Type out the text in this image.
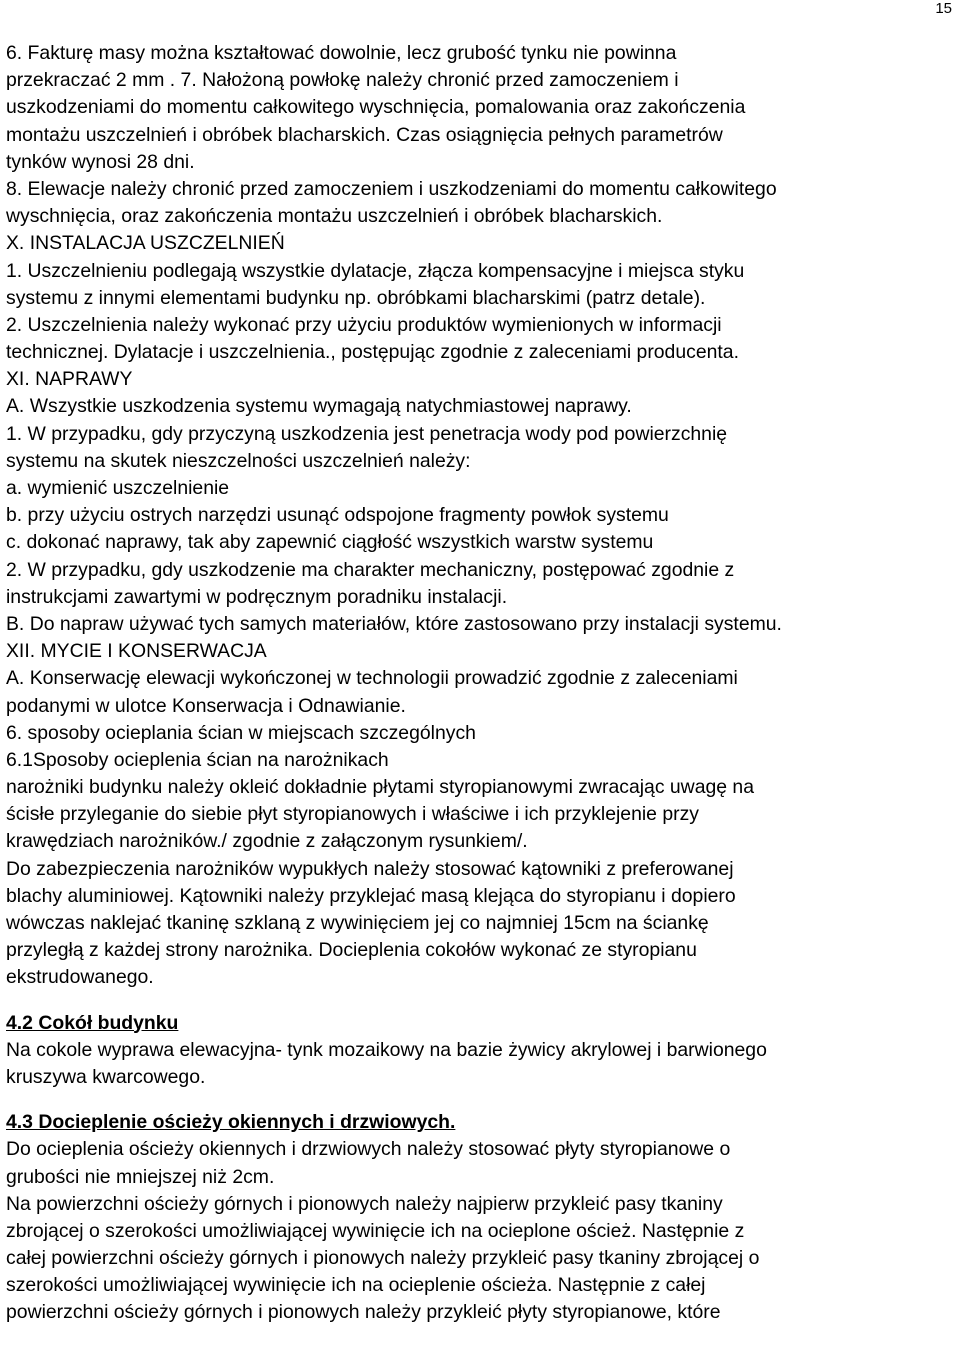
15
6. Fakturę masy można kształtować dowolnie, lecz grubość tynku nie powinna
przekraczać 2 mm . 7. Nałożoną powłokę należy chronić przed zamoczeniem i
uszkodzeniami do momentu całkowitego wyschnięcia, pomalowania oraz zakończenia
montażu uszczelnień i obróbek blacharskich. Czas osiągnięcia pełnych parametrów
tynków wynosi 28 dni.
8. Elewacje należy chronić przed zamoczeniem i uszkodzeniami do momentu całkowitego
wyschnięcia, oraz zakończenia montażu uszczelnień i obróbek blacharskich.
X. INSTALACJA USZCZELNIEŃ
1. Uszczelnieniu podlegają wszystkie dylatacje, złącza kompensacyjne i miejsca styku
systemu z innymi elementami budynku np. obróbkami blacharskimi (patrz detale).
2. Uszczelnienia należy wykonać przy użyciu produktów wymienionych w informacji
technicznej. Dylatacje i uszczelnienia., postępując zgodnie z zaleceniami producenta.
XI. NAPRAWY
A. Wszystkie uszkodzenia systemu wymagają natychmiastowej naprawy.
1. W przypadku, gdy przyczyną uszkodzenia jest penetracja wody pod powierzchnię
systemu na skutek nieszczelności uszczelnień należy:
a. wymienić uszczelnienie
b. przy użyciu ostrych narzędzi usunąć odspojone fragmenty powłok systemu
c. dokonać naprawy, tak aby zapewnić ciągłość wszystkich warstw systemu
2. W przypadku, gdy uszkodzenie ma charakter mechaniczny, postępować zgodnie z
instrukcjami zawartymi w podręcznym poradniku instalacji.
B. Do napraw używać tych samych materiałów, które zastosowano przy instalacji systemu.
XII. MYCIE I KONSERWACJA
A. Konserwację elewacji wykończonej w technologii prowadzić zgodnie z zaleceniami
podanymi w ulotce Konserwacja i Odnawianie.
6. sposoby ocieplania ścian w miejscach szczególnych
6.1Sposoby ocieplenia ścian na narożnikach
narożniki budynku należy okleić dokładnie płytami styropianowymi zwracając uwagę na
ścisłe przyleganie do siebie płyt styropianowych i właściwe i ich przyklejenie przy
krawędziach narożników./ zgodnie z załączonym rysunkiem/.
Do zabezpieczenia narożników wypukłych należy stosować kątowniki z preferowanej
blachy aluminiowej. Kątowniki należy przyklejać masą klejąca do styropianu i dopiero
wówczas naklejać tkaninę szklaną z wywinięciem jej co najmniej 15cm na ściankę
przyległą z każdej strony narożnika. Docieplenia cokołów wykonać ze styropianu
ekstrudowanego.
4.2 Cokół budynku
Na cokole wyprawa elewacyjna- tynk mozaikowy na bazie żywicy akrylowej i barwionego
kruszywa kwarcowego.
4.3 Docieplenie ościeży okiennych i drzwiowych.
Do ocieplenia ościeży okiennych i drzwiowych należy stosować płyty styropianowe o
grubości nie mniejszej niż 2cm.
Na powierzchni ościeży górnych i pionowych należy najpierw przykleić pasy tkaniny
zbrojącej o szerokości umożliwiającej wywinięcie ich na ocieplone oścież. Następnie z
całej powierzchni ościeży górnych i pionowych należy przykleić pasy tkaniny zbrojącej o
szerokości umożliwiającej wywinięcie ich na ocieplenie ościeża. Następnie z całej
powierzchni ościeży górnych i pionowych należy przykleić płyty styropianowe, które
